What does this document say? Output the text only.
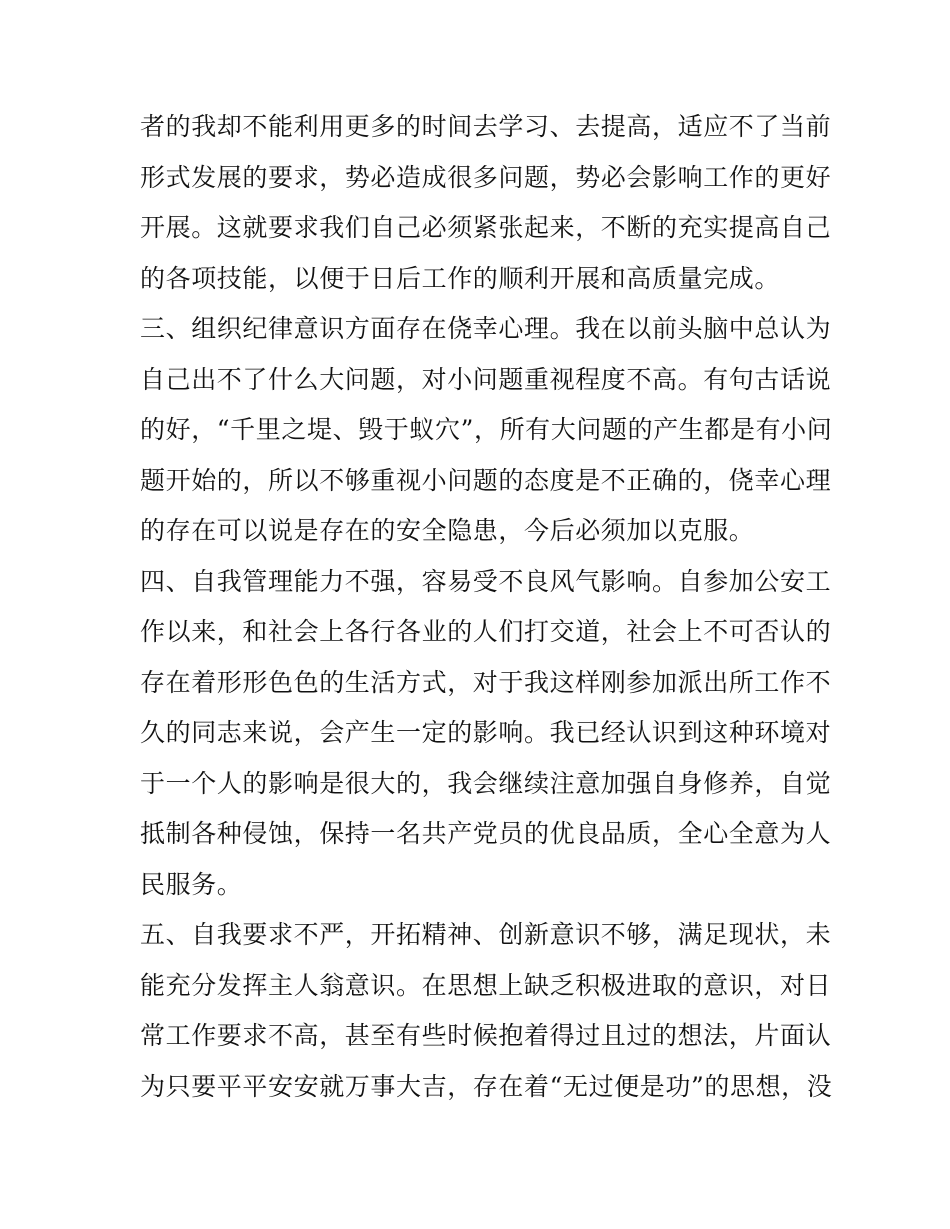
者的我却不能利用更多的时间去学习、去提高，适应不了当前
形式发展的要求，势必造成很多问题，势必会影响工作的更好
开展。这就要求我们自己必须紧张起来，不断的充实提高自己
的各项技能，以便于日后工作的顺利开展和高质量完成。
三、组织纪律意识方面存在侥幸心理。我在以前头脑中总认为
自己出不了什么大问题，对小问题重视程度不高。有句古话说
的好，“千里之堤、毁于蚁穴”，所有大问题的产生都是有小问
题开始的，所以不够重视小问题的态度是不正确的，侥幸心理
的存在可以说是存在的安全隐患，今后必须加以克服。
四、自我管理能力不强，容易受不良风气影响。自参加公安工
作以来，和社会上各行各业的人们打交道，社会上不可否认的
存在着形形色色的生活方式，对于我这样刚参加派出所工作不
久的同志来说，会产生一定的影响。我已经认识到这种环境对
于一个人的影响是很大的，我会继续注意加强自身修养，自觉
抵制各种侵蚀，保持一名共产党员的优良品质，全心全意为人
民服务。
五、自我要求不严，开拓精神、创新意识不够，满足现状，未
能充分发挥主人翁意识。在思想上缺乏积极进取的意识，对日
常工作要求不高，甚至有些时候抱着得过且过的想法，片面认
为只要平平安安就万事大吉，存在着“无过便是功”的思想，没
